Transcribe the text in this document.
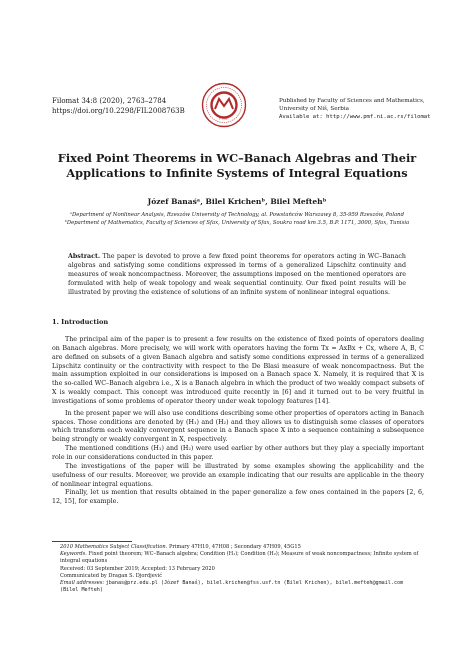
Filomat 34:8 (2020), 2763–2784
https://doi.org/10.2298/FIL2008763B
PMF
Published by Faculty of Sciences and Mathematics,
University of Niš, Serbia
Available at: http://www.pmf.ni.ac.rs/filomat
Fixed Point Theorems in WC–Banach Algebras and Their Applications to Infinite Systems of Integral Equations
Józef Banaśᵃ, Bilel Krichenᵇ, Bilel Meftehᵇ
ᵃDepartment of Nonlinear Analysis, Rzeszów University of Technology, al. Powstańców Warszawy 8, 35-959 Rzeszów, Poland
ᵇDepartment of Mathematics, Faculty of Sciences of Sfax, University of Sfax, Soukra road km 3.5, B.P. 1171, 3000, Sfax, Tunisia
Abstract. The paper is devoted to prove a few fixed point theorems for operators acting in WC–Banach algebras and satisfying some conditions expressed in terms of a generalized Lipschitz continuity and measures of weak noncompactness. Moreover, the assumptions imposed on the mentioned operators are formulated with help of weak topology and weak sequential continuity. Our fixed point results will be illustrated by proving the existence of solutions of an infinite system of nonlinear integral equations.
1. Introduction

The principal aim of the paper is to present a few results on the existence of fixed points of operators dealing on Banach algebras. More precisely, we will work with operators having the form Tx = AxBx + Cx, where A, B, C are defined on subsets of a given Banach algebra and satisfy some conditions expressed in terms of a generalized Lipschitz continuity or the contractivity with respect to the De Blasi measure of weak noncompactness. But the main assumption exploited in our considerations is imposed on a Banach space X. Namely, it is required that X is the so-called WC–Banach algebra i.e., X is a Banach algebra in which the product of two weakly compact subsets of X is weakly compact. This concept was introduced quite recently in [6] and it turned out to be very fruitful in investigations of some problems of operator theory under weak topology features [14].

In the present paper we will also use conditions describing some other properties of operators acting in Banach spaces. Those conditions are denoted by (H₁) and (H₂) and they allows us to distinguish some classes of operators which transform each weakly convergent sequence in a Banach space X into a sequence containing a subsequence being strongly or weakly convergent in X, respectively.

The mentioned conditions (H₁) and (H₂) were used earlier by other authors but they play a specially important role in our considerations conducted in this paper.

The investigations of the paper will be illustrated by some examples showing the applicability and the usefulness of our results. Moreover, we provide an example indicating that our results are applicable in the theory of nonlinear integral equations.

Finally, let us mention that results obtained in the paper generalize a few ones contained in the papers [2, 6, 12, 15], for example.

2010 Mathematics Subject Classification. Primary 47H10, 47H08 ; Secondary 47H09, 45G15
Keywords. Fixed point theorem; WC–Banach algebra; Condition (H₁); Condition (H₂); Measure of weak noncompactness; Infinite system of integral equations
Received: 03 September 2019; Accepted: 13 February 2020
Communicated by Dragan S. Djordjević
Email addresses: jbanas@prz.edu.pl (Józef Banaś), bilel.krichen@fss.usf.tn (Bilel Krichen), bilel.mefteh@gmail.com (Bilel Mefteh)
